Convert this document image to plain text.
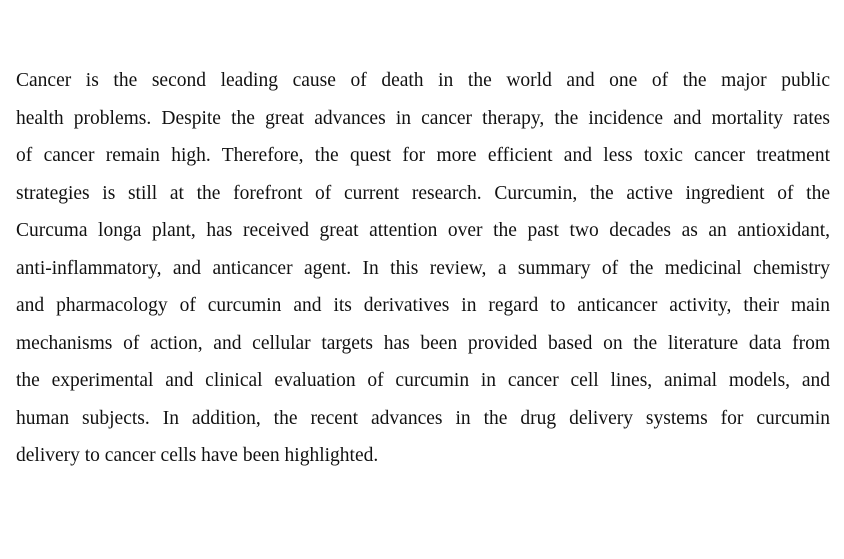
Cancer is the second leading cause of death in the world and one of the major public
health problems. Despite the great advances in cancer therapy, the incidence and mortality rates
of cancer remain high. Therefore, the quest for more efficient and less toxic cancer treatment
strategies is still at the forefront of current research. Curcumin, the active ingredient of the
Curcuma longa plant, has received great attention over the past two decades as an antioxidant,
anti-inflammatory, and anticancer agent. In this review, a summary of the medicinal chemistry
and pharmacology of curcumin and its derivatives in regard to anticancer activity, their main
mechanisms of action, and cellular targets has been provided based on the literature data from
the experimental and clinical evaluation of curcumin in cancer cell lines, animal models, and
human subjects. In addition, the recent advances in the drug delivery systems for curcumin
delivery to cancer cells have been highlighted.
